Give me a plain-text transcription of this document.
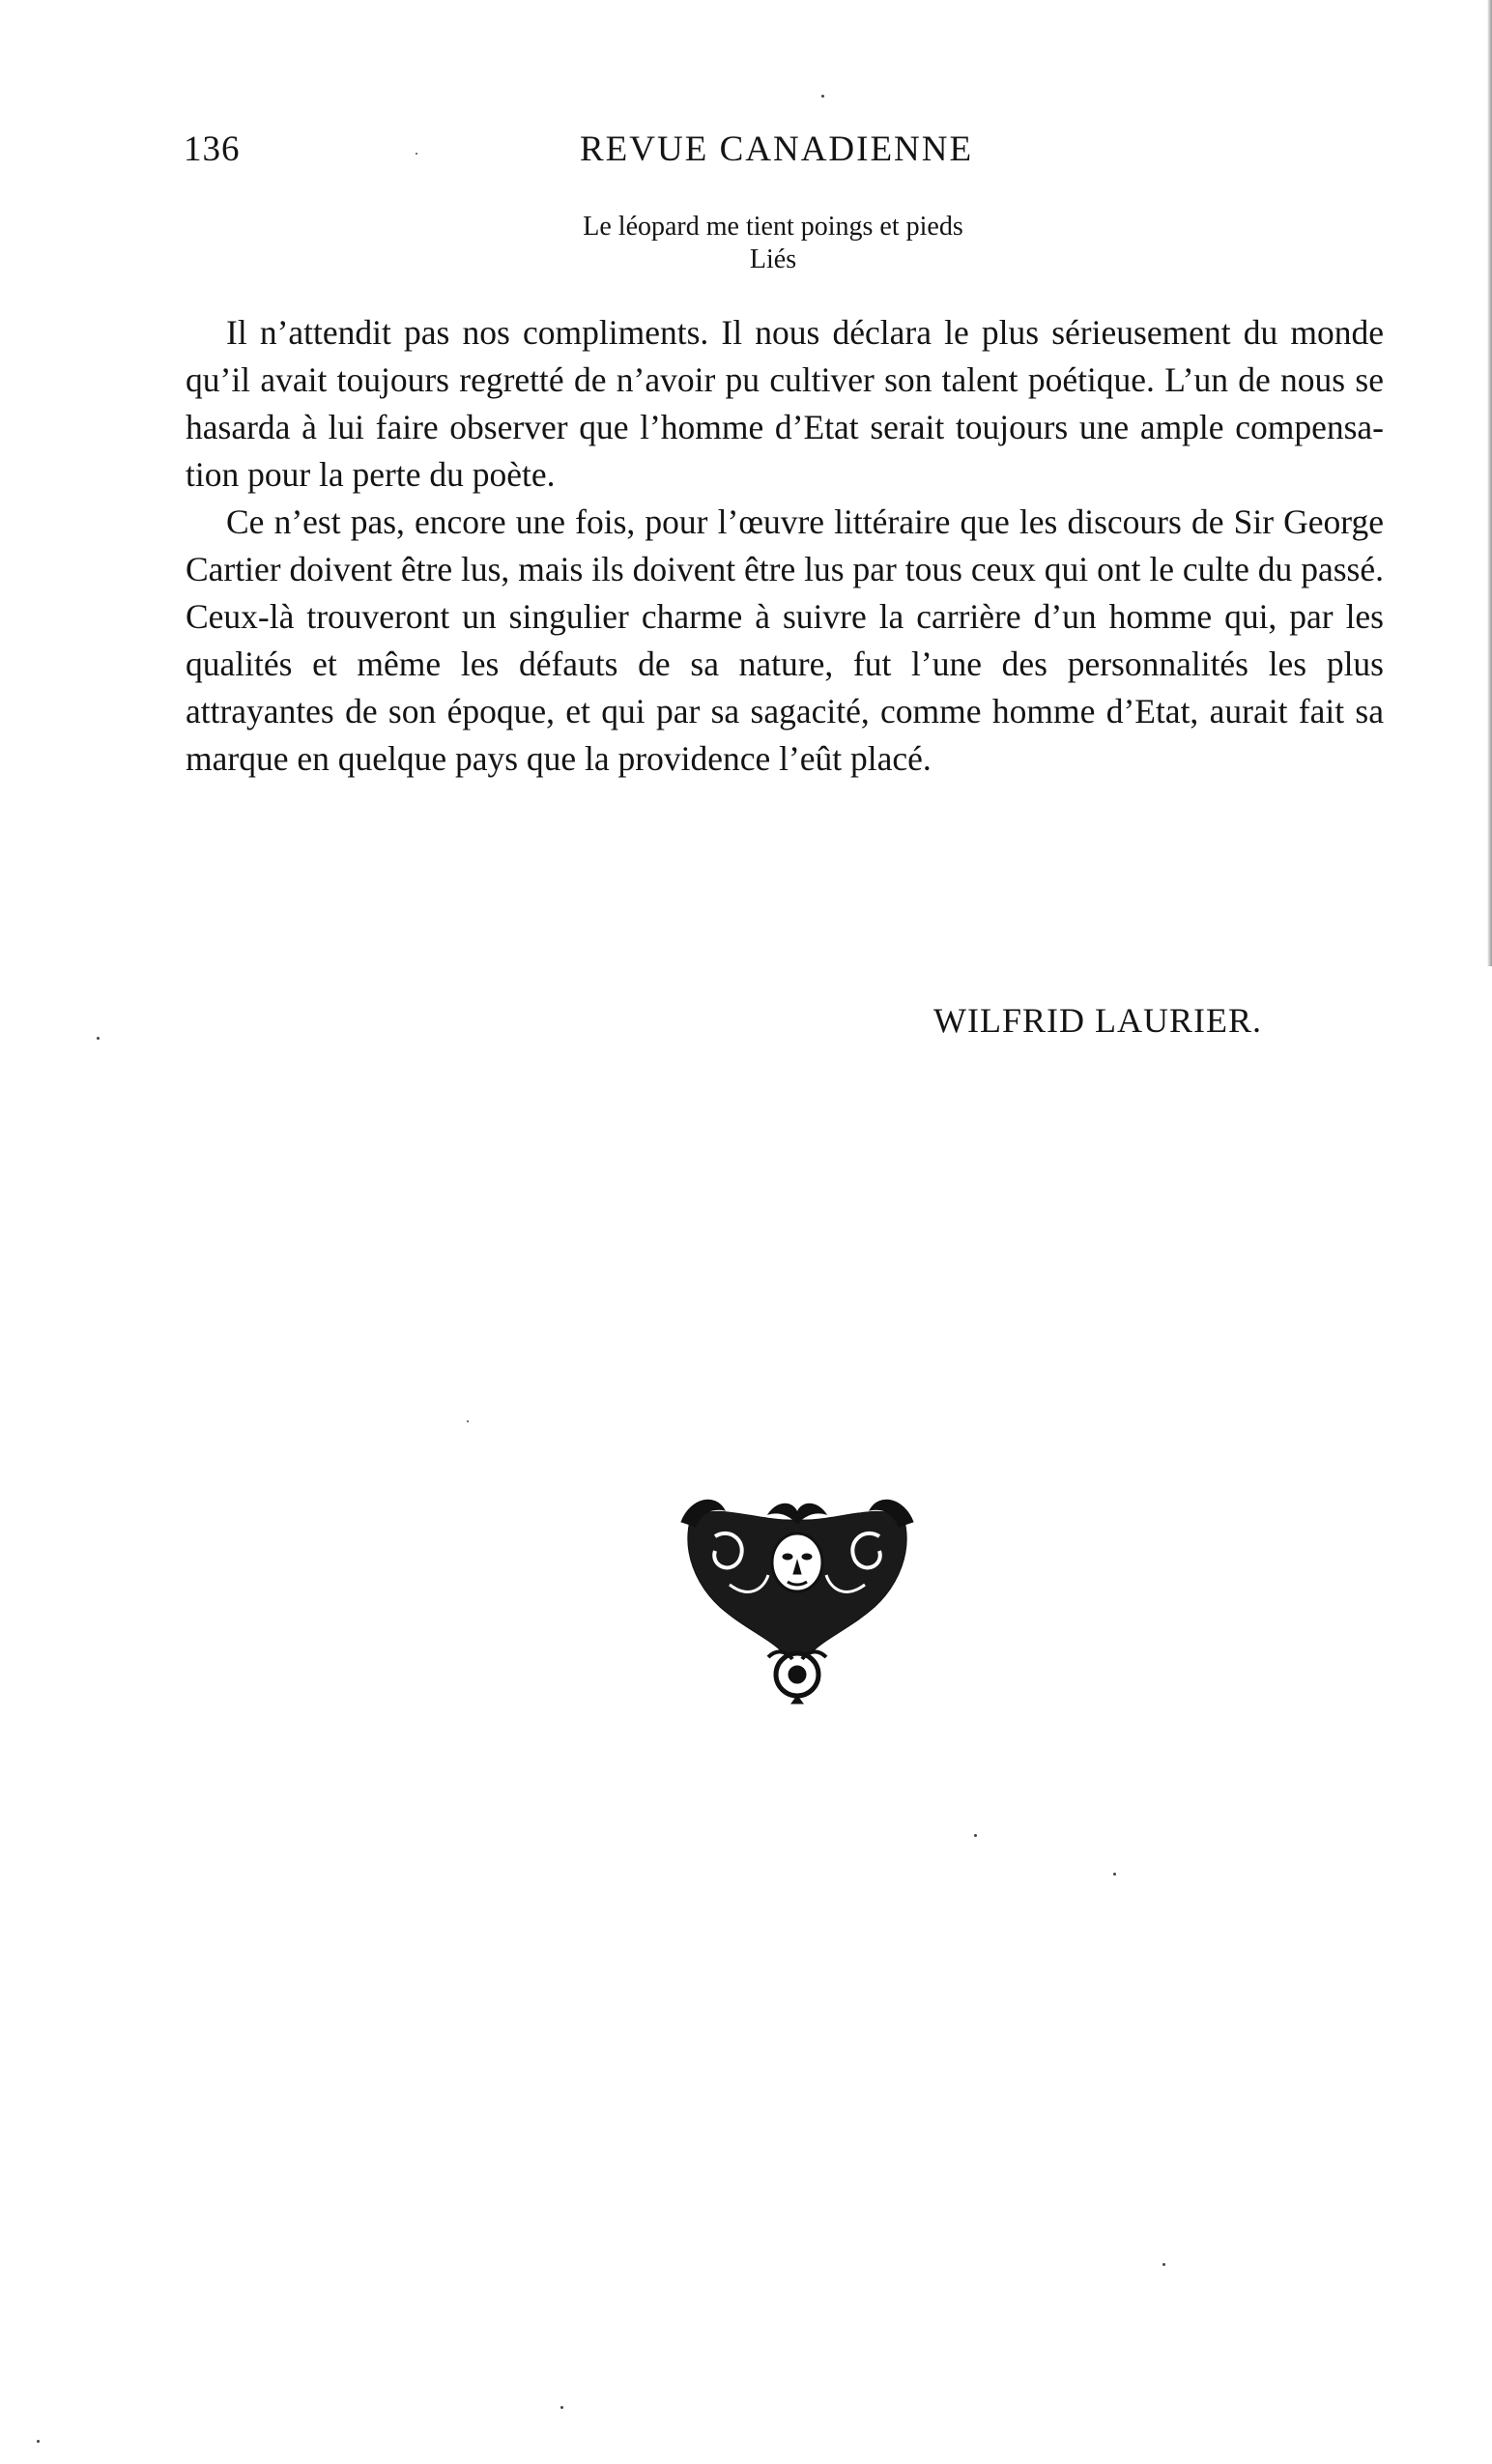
136	REVUE CANADIENNE
Le léopard me tient poings et pieds
Liés

Il n’attendit pas nos compliments. Il nous déclara le plus sérieusement du monde qu’il avait toujours regretté de n’avoir pu cultiver son talent poétique. L’un de nous se hasarda à lui faire observer que l’homme d’Etat serait toujours une ample compensation pour la perte du poète.

Ce n’est pas, encore une fois, pour l’œuvre littéraire que les discours de Sir George Cartier doivent être lus, mais ils doivent être lus par tous ceux qui ont le culte du passé. Ceux-là trouveront un singulier charme à suivre la carrière d’un homme qui, par les qualités et même les défauts de sa nature, fut l’une des personnalités les plus attrayantes de son époque, et qui par sa sagacité, comme homme d’Etat, aurait fait sa marque en quelque pays que la providence l’eût placé.

WILFRID LAURIER.
